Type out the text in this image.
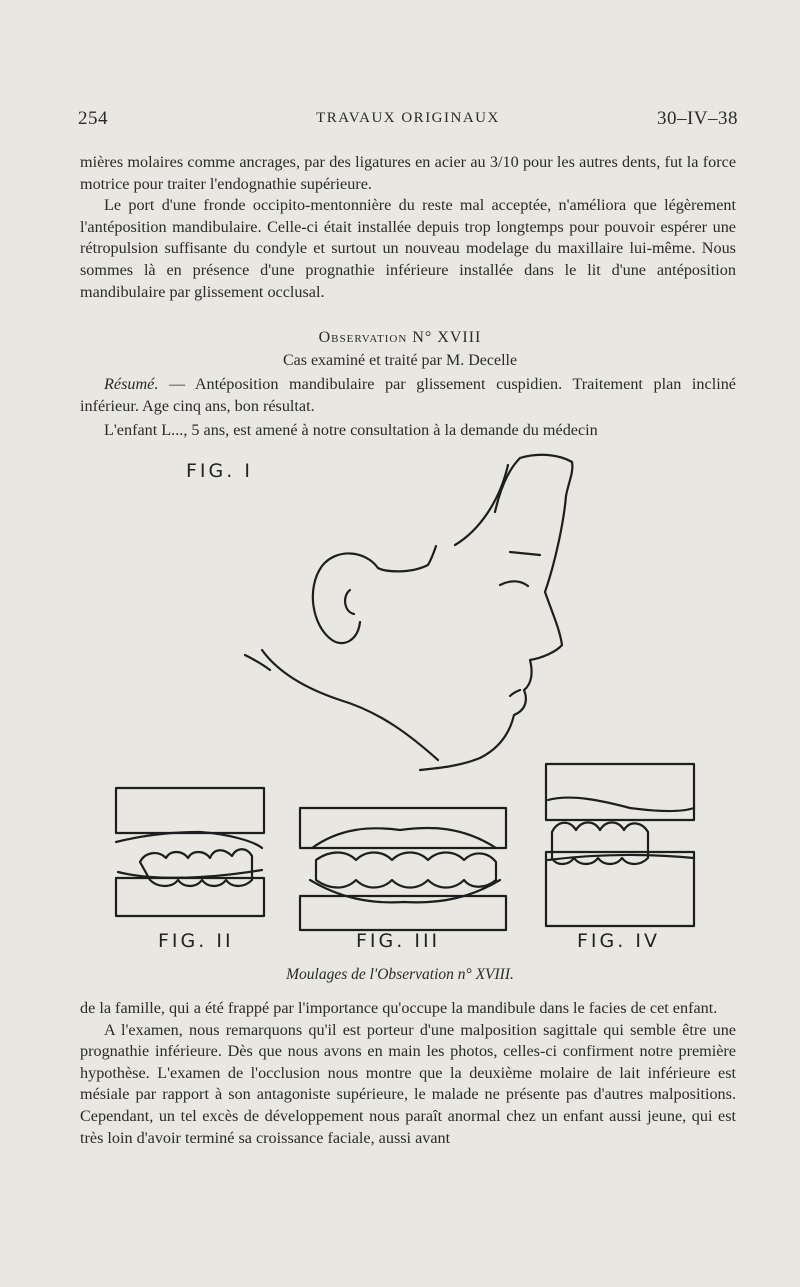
254	TRAVAUX ORIGINAUX	30–IV–38

mières molaires comme ancrages, par des ligatures en acier au 3/10 pour les autres dents, fut la force motrice pour traiter l'endognathie supérieure.

Le port d'une fronde occipito-mentonnière du reste mal acceptée, n'améliora que légèrement l'antéposition mandibulaire. Celle-ci était installée depuis trop longtemps pour pouvoir espérer une rétropulsion suffisante du condyle et surtout un nouveau modelage du maxillaire lui-même. Nous sommes là en présence d'une prognathie inférieure installée dans le lit d'une antéposition mandibulaire par glissement occlusal.

Observation N° XVIII
Cas examiné et traité par M. Decelle

Résumé. — Antéposition mandibulaire par glissement cuspidien. Traitement plan incliné inférieur. Age cinq ans, bon résultat.

L'enfant L..., 5 ans, est amené à notre consultation à la demande du médecin

FIG. I
FIG. II	FIG. III	FIG. IV
Moulages de l'Observation n° XVIII.

de la famille, qui a été frappé par l'importance qu'occupe la mandibule dans le facies de cet enfant.

A l'examen, nous remarquons qu'il est porteur d'une malposition sagittale qui semble être une prognathie inférieure. Dès que nous avons en main les photos, celles-ci confirment notre première hypothèse. L'examen de l'occlusion nous montre que la deuxième molaire de lait inférieure est mésiale par rapport à son antagoniste supérieure, le malade ne présente pas d'autres malpositions. Cependant, un tel excès de développement nous paraît anormal chez un enfant aussi jeune, qui est très loin d'avoir terminé sa croissance faciale, aussi avant
